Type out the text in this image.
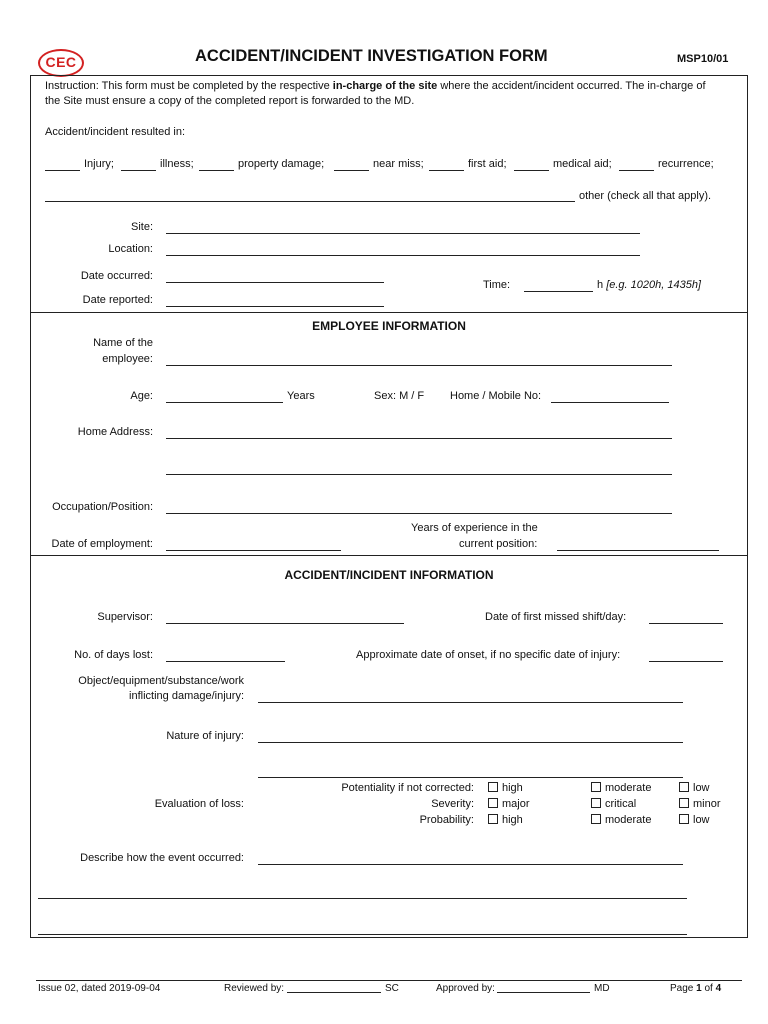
CEC	ACCIDENT/INCIDENT INVESTIGATION FORM	MSP10/01
Instruction: This form must be completed by the respective in-charge of the site where the accident/incident occurred. The in-charge of
the Site must ensure a copy of the completed report is forwarded to the MD.
Accident/incident resulted in:
Injury;	illness;	property damage;	near miss;	first aid;	medical aid;	recurrence;
other (check all that apply).
Site:
Location:
Date occurred:
Date reported:
Time:	h [e.g. 1020h, 1435h]
EMPLOYEE INFORMATION
Name of the
employee:
Age:	Years	Sex: M / F Home / Mobile No:
Home Address:
Occupation/Position:
Years of experience in the
Date of employment:	current position:
ACCIDENT/INCIDENT INFORMATION
Supervisor:	Date of first missed shift/day:
No. of days lost:	Approximate date of onset, if no specific date of injury:
Object/equipment/substance/work
inflicting damage/injury:
Nature of injury:
Potentiality if not corrected:	high	moderate	low
Evaluation of loss:	Severity:	major	critical	minor
Probability:	high	moderate	low
Describe how the event occurred:
Issue 02, dated 2019-09-04	Reviewed by:	SC	Approved by:	MD	Page 1 of 4
